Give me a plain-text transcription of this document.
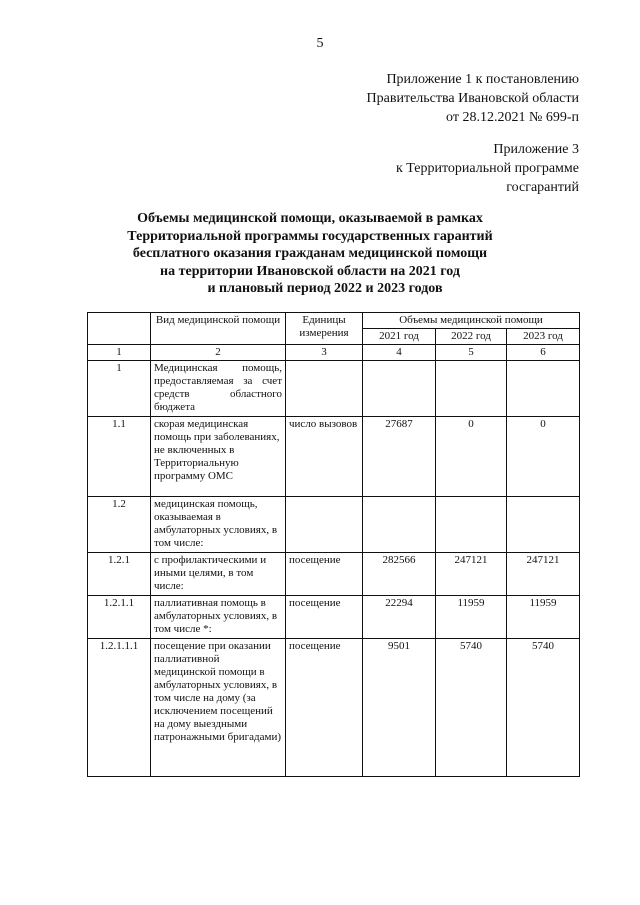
5
Приложение 1 к постановлению
Правительства Ивановской области
от 28.12.2021 № 699-п
Приложение 3
к Территориальной программе
госгарантий
Объемы медицинской помощи, оказываемой в рамках
Территориальной программы государственных гарантий
бесплатного оказания гражданам медицинской помощи
на территории Ивановской области на 2021 год
и плановый период 2022 и 2023 годов
	Вид медицинской помощи	Единицы измерения	Объемы медицинской помощи		
			2021 год	2022 год	2023 год
1	2	3	4	5	6
1	Медицинская помощь, предоставляемая за счет средств областного бюджета				
1.1	скорая медицинская помощь при заболеваниях, не включенных в Территориальную программу ОМС	число вызовов	27687	0	0
1.2	медицинская помощь, оказываемая в амбулаторных условиях, в том числе:				
1.2.1	с профилактическими и иными целями, в том числе:	посещение	282566	247121	247121
1.2.1.1	паллиативная помощь в амбулаторных условиях, в том числе *:	посещение	22294	11959	11959
1.2.1.1.1	посещение при оказании паллиативной медицинской помощи в амбулаторных условиях, в том числе на дому (за исключением посещений на дому выездными патронажными бригадами)	посещение	9501	5740	5740
